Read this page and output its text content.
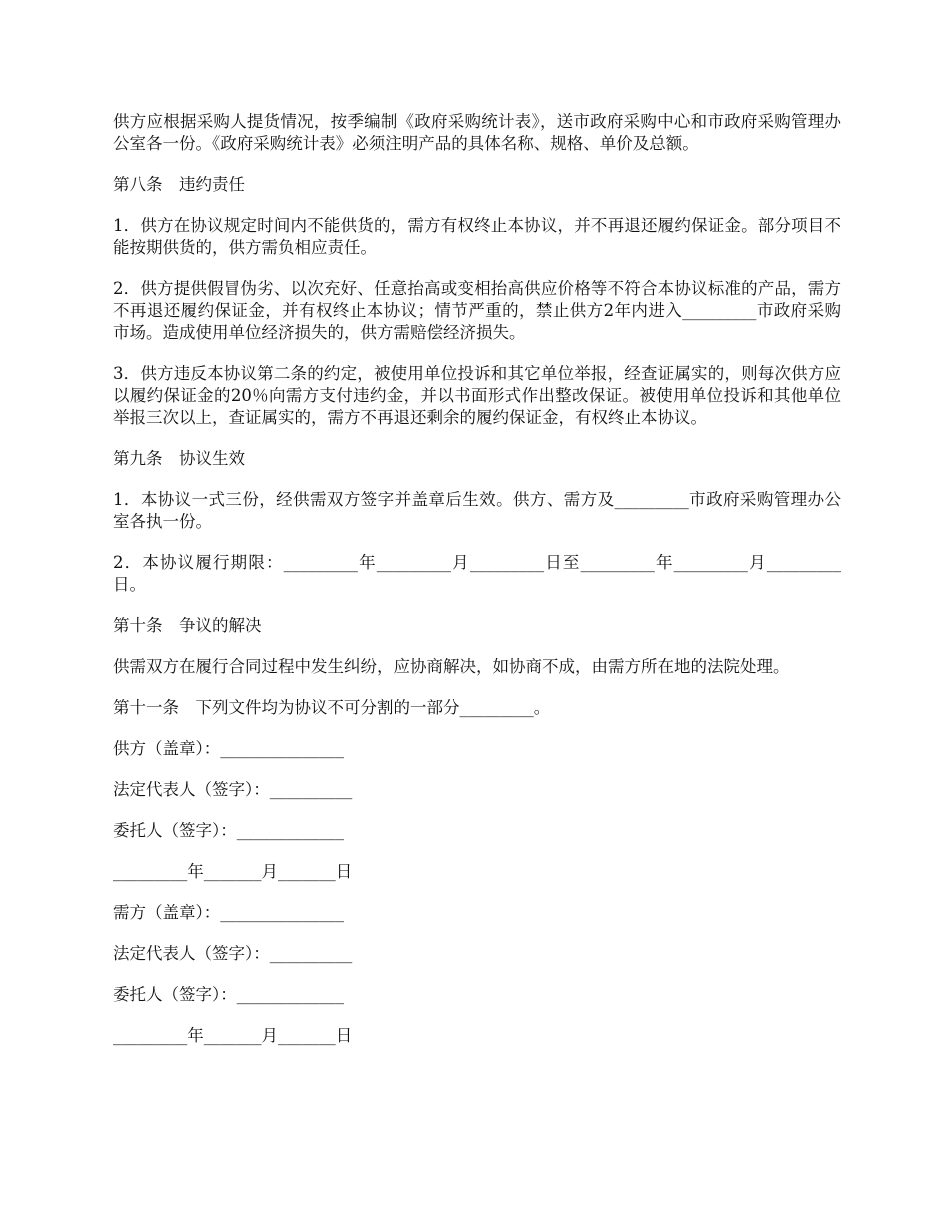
供方应根据采购人提货情况，按季编制《政府采购统计表》，送市政府采购中心和市政府采购管理办公室各一份。《政府采购统计表》必须注明产品的具体名称、规格、单价及总额。

第八条　违约责任

1．供方在协议规定时间内不能供货的，需方有权终止本协议，并不再退还履约保证金。部分项目不能按期供货的，供方需负相应责任。

2．供方提供假冒伪劣、以次充好、任意抬高或变相抬高供应价格等不符合本协议标准的产品，需方不再退还履约保证金，并有权终止本协议；情节严重的，禁止供方2年内进入_________市政府采购市场。造成使用单位经济损失的，供方需赔偿经济损失。

3．供方违反本协议第二条的约定，被使用单位投诉和其它单位举报，经查证属实的，则每次供方应以履约保证金的20％向需方支付违约金，并以书面形式作出整改保证。被使用单位投诉和其他单位举报三次以上，查证属实的，需方不再退还剩余的履约保证金，有权终止本协议。

第九条　协议生效

1．本协议一式三份，经供需双方签字并盖章后生效。供方、需方及_________市政府采购管理办公室各执一份。

2．本协议履行期限：_________年_________月_________日至_________年_________月_________日。

第十条　争议的解决

供需双方在履行合同过程中发生纠纷，应协商解决，如协商不成，由需方所在地的法院处理。

第十一条　下列文件均为协议不可分割的一部分_________。

供方（盖章）：_______________

法定代表人（签字）：__________

委托人（签字）：_____________

_________年_______月_______日

需方（盖章）：_______________

法定代表人（签字）：__________

委托人（签字）：_____________

_________年_______月_______日
